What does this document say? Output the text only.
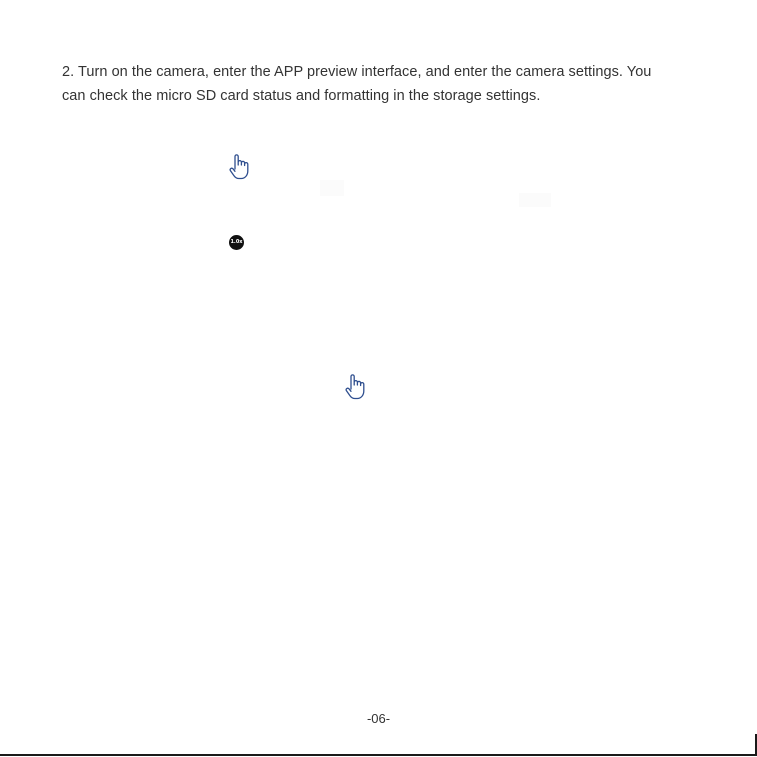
2. Turn on the camera, enter the APP preview interface, and enter the camera settings. You
can check the micro SD card status and formatting in the storage settings.
1.0x
-06-
